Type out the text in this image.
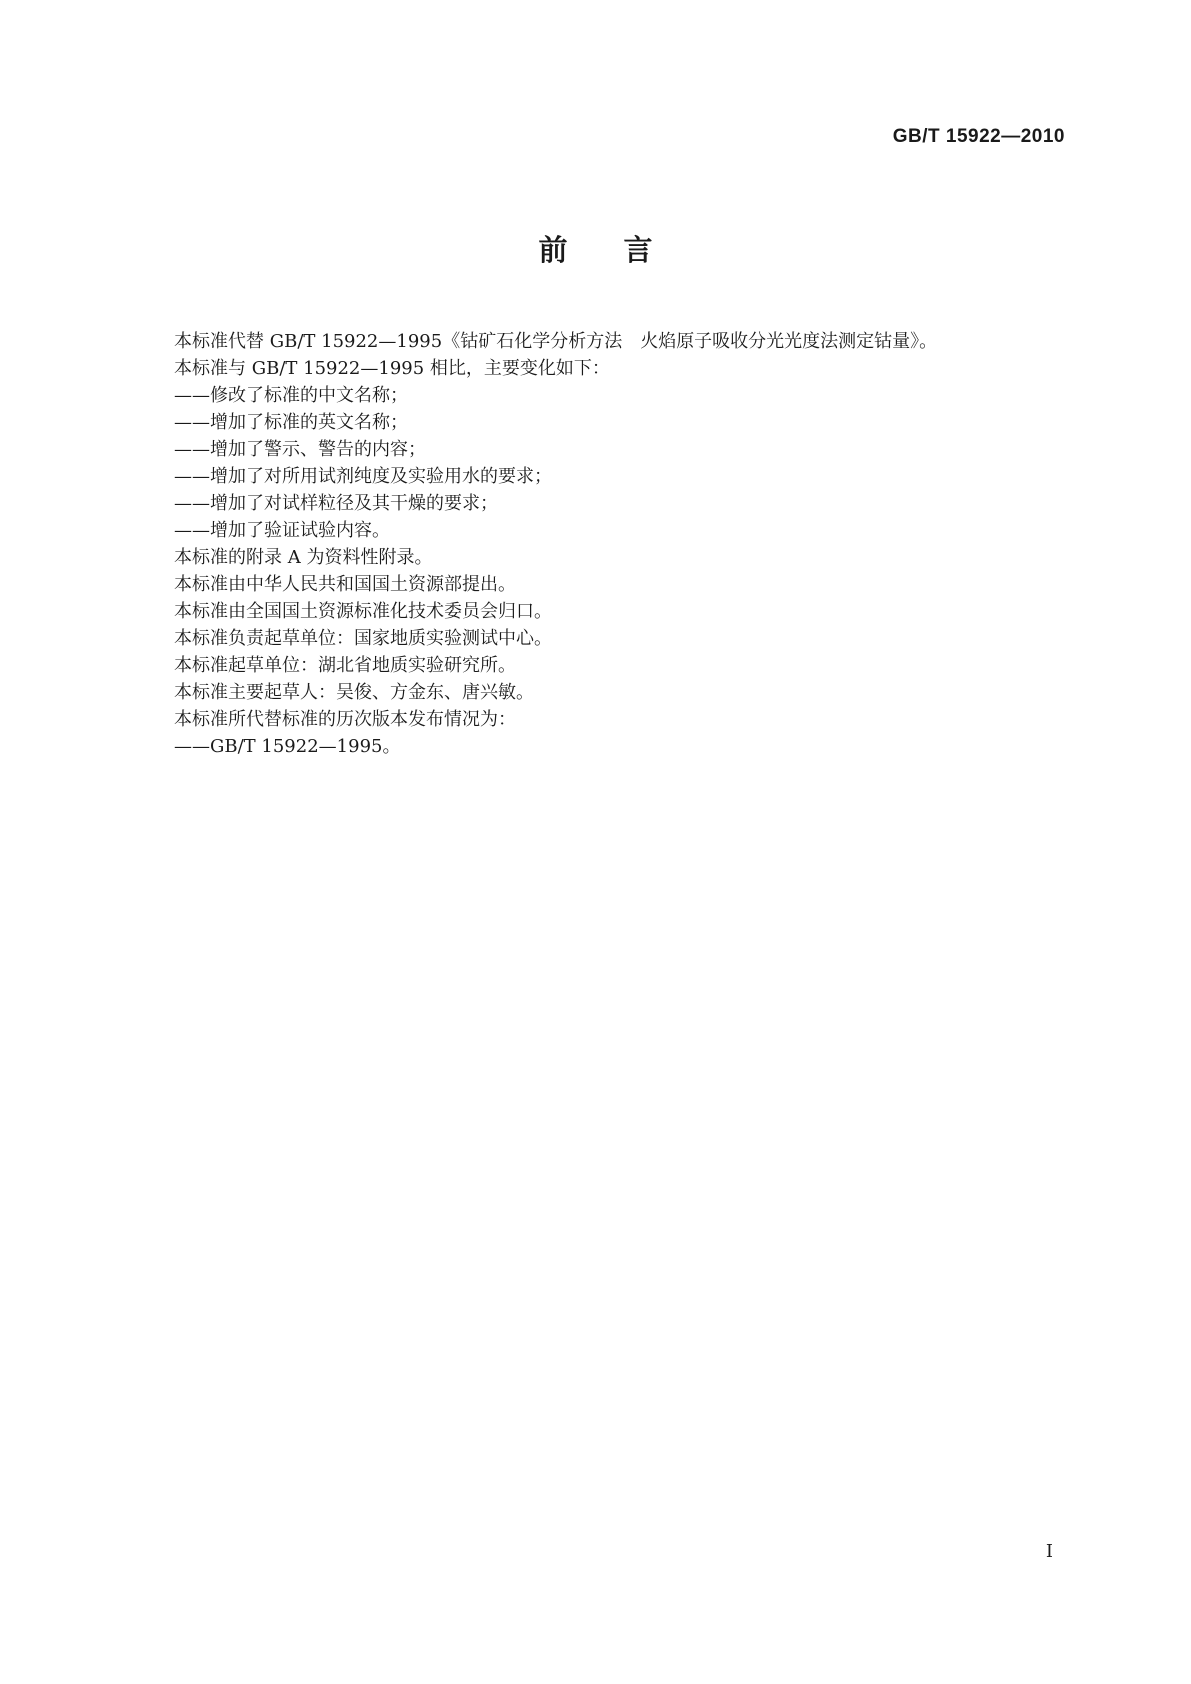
GB/T 15922—2010
前言
本标准代替 GB/T 15922—1995《钴矿石化学分析方法　火焰原子吸收分光光度法测定钴量》。
本标准与 GB/T 15922—1995 相比，主要变化如下：
——修改了标准的中文名称；
——增加了标准的英文名称；
——增加了警示、警告的内容；
——增加了对所用试剂纯度及实验用水的要求；
——增加了对试样粒径及其干燥的要求；
——增加了验证试验内容。
本标准的附录 A 为资料性附录。
本标准由中华人民共和国国土资源部提出。
本标准由全国国土资源标准化技术委员会归口。
本标准负责起草单位：国家地质实验测试中心。
本标准起草单位：湖北省地质实验研究所。
本标准主要起草人：吴俊、方金东、唐兴敏。
本标准所代替标准的历次版本发布情况为：
——GB/T 15922—1995。
I
